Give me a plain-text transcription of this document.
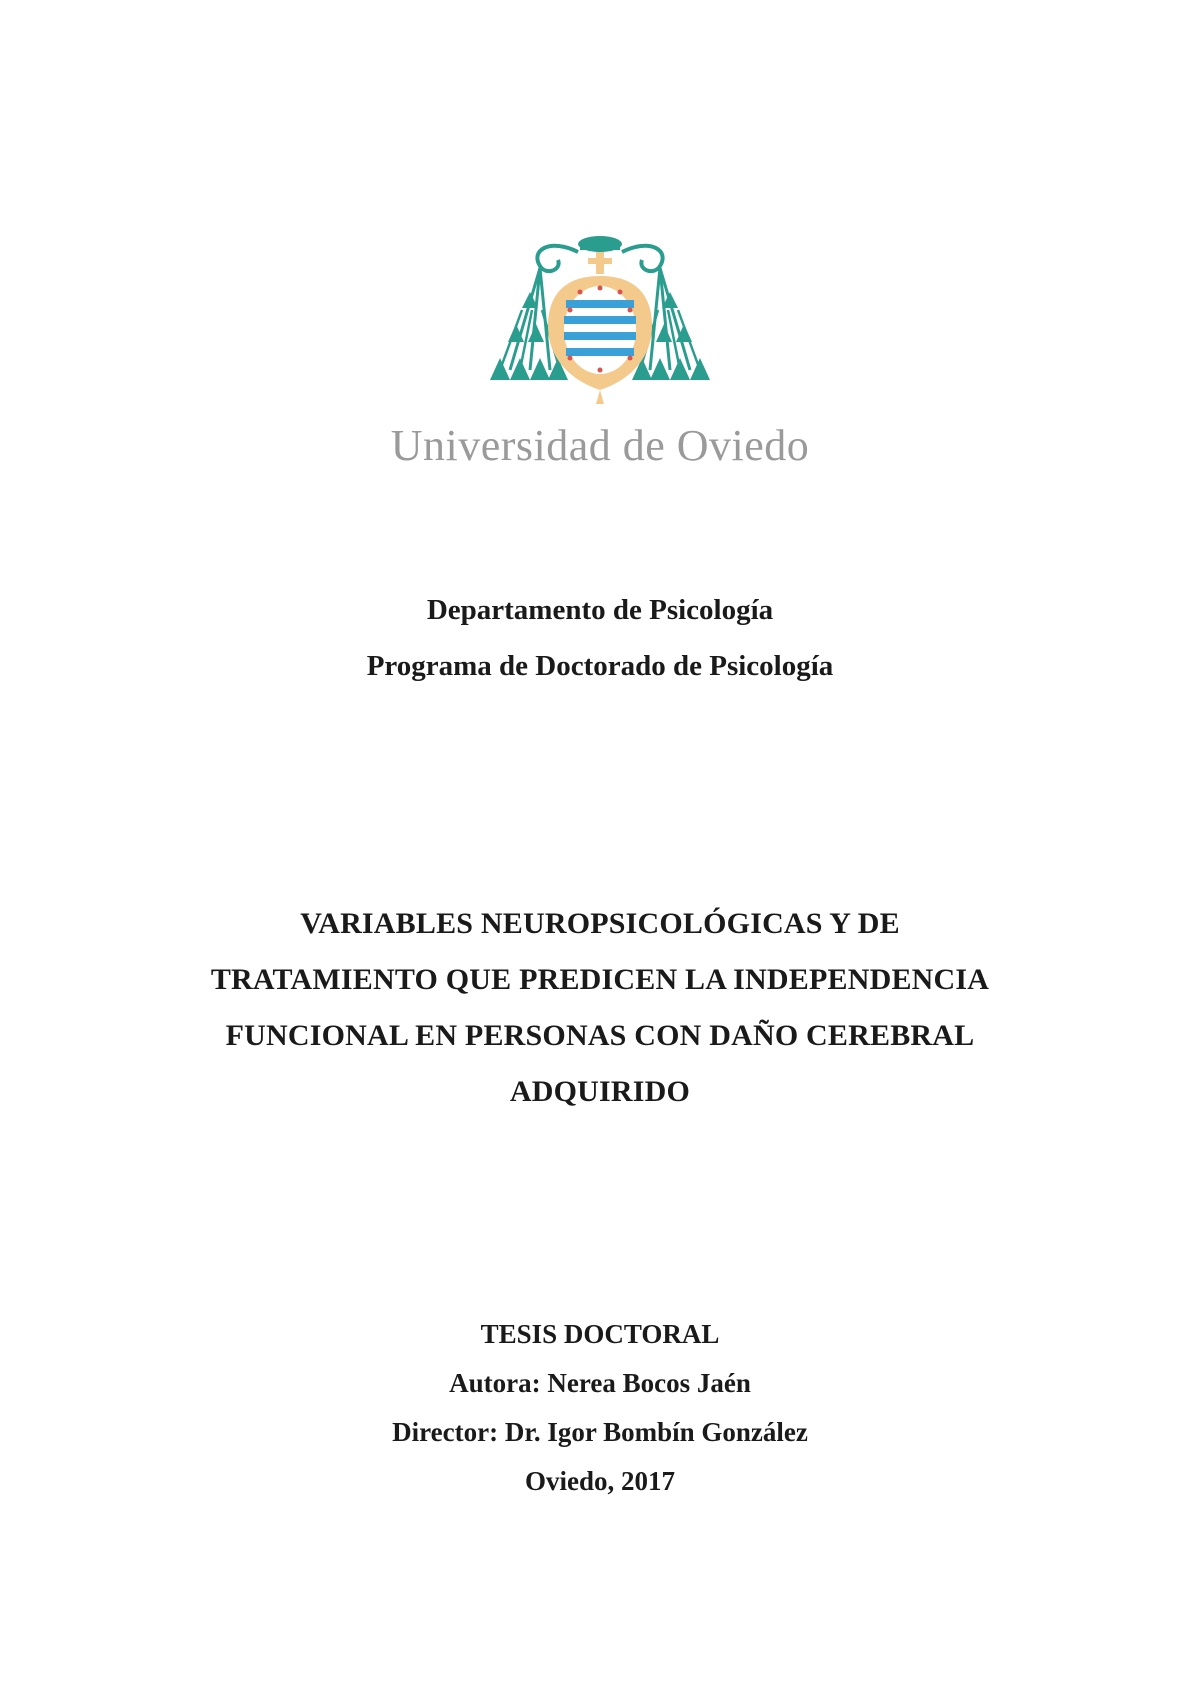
Universidad de Oviedo
Departamento de Psicología
Programa de Doctorado de Psicología
VARIABLES NEUROPSICOLÓGICAS Y DE
TRATAMIENTO QUE PREDICEN LA INDEPENDENCIA
FUNCIONAL EN PERSONAS CON DAÑO CEREBRAL
ADQUIRIDO
TESIS DOCTORAL
Autora: Nerea Bocos Jaén
Director: Dr. Igor Bombín González
Oviedo, 2017
